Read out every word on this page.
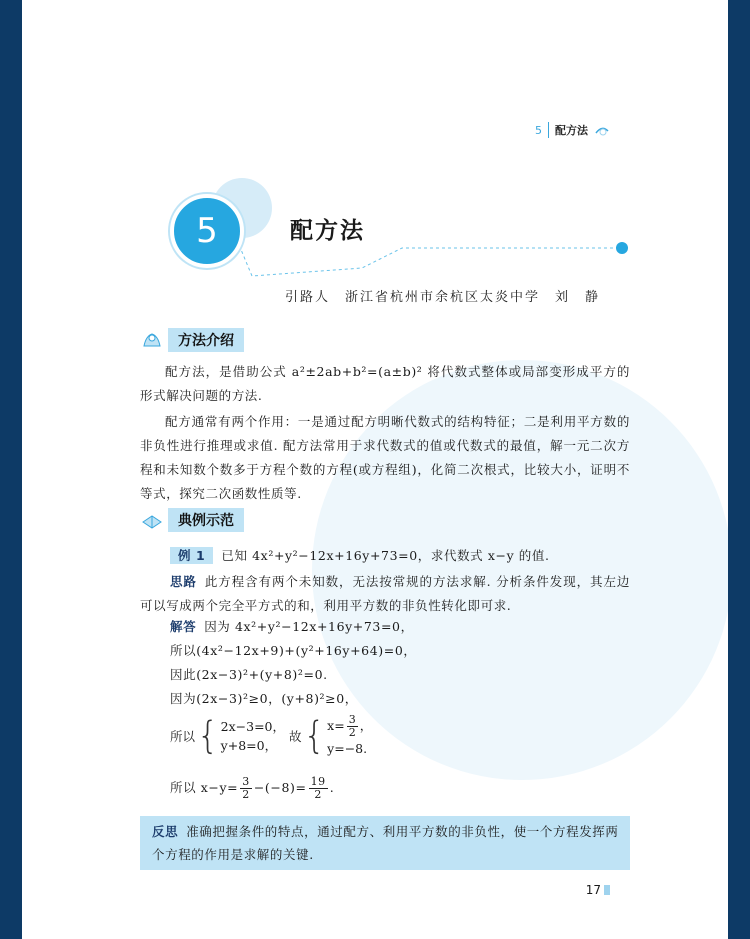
5 配方法
5	配方法
引路人　浙江省杭州市余杭区太炎中学　刘　静
方法介绍
配方法，是借助公式 a²±2ab+b²=(a±b)² 将代数式整体或局部变形成平方的形式解决问题的方法.
配方通常有两个作用：一是通过配方明晰代数式的结构特征；二是利用平方数的非负性进行推理或求值. 配方法常用于求代数式的值或代数式的最值，解一元二次方程和未知数个数多于方程个数的方程(或方程组)，化简二次根式，比较大小，证明不等式，探究二次函数性质等.
典例示范
例 1 已知 4x²+y²−12x+16y+73=0，求代数式 x−y 的值.
思路 此方程含有两个未知数，无法按常规的方法求解. 分析条件发现，其左边可以写成两个完全平方式的和，利用平方数的非负性转化即可求.
解答 因为 4x²+y²−12x+16y+73=0，
所以(4x²−12x+9)+(y²+16y+64)=0，
因此(2x−3)²+(y+8)²=0.
因为(2x−3)²≥0，(y+8)²≥0，
所以 { 2x−3=0，
y+8=0，
故 { $x= \frac{3}{2}$ ，
y=−8.
所以 $x-y= \frac{3}{2} -(-8)= \frac{19}{2}$ .
反思 准确把握条件的特点，通过配方、利用平方数的非负性，使一个方程发挥两个方程的作用是求解的关键.
17
